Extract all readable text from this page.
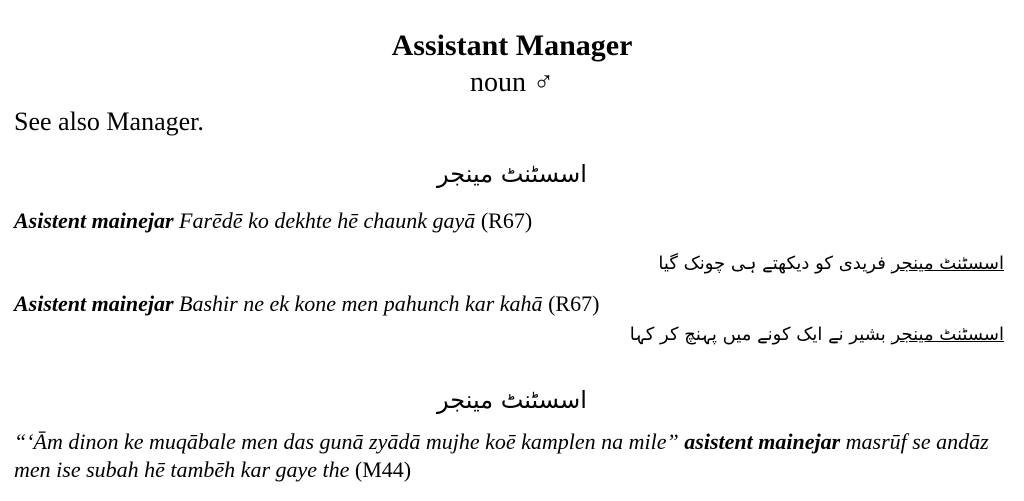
Assistant Manager
noun ♂
See also Manager.
اسسٹنٹ مینجر
Asistent mainejar Farēdē ko dekhte hē chaunk gayā (R67)
اسسٹنٹ مینجر فریدی کو دیکھتے ہی چونک گیا
Asistent mainejar Bashir ne ek kone men pahunch kar kahā (R67)
اسسٹنٹ مینجر بشیر نے ایک کونے میں پہنچ کر کہا
اسسٹنٹ مینجر
“‘Ām dinon ke muqābale men das gunā zyādā mujhe koē kamplen na mile” asistent mainejar masrūf se andāz men ise subah hē tambēh kar gaye the (M44)
